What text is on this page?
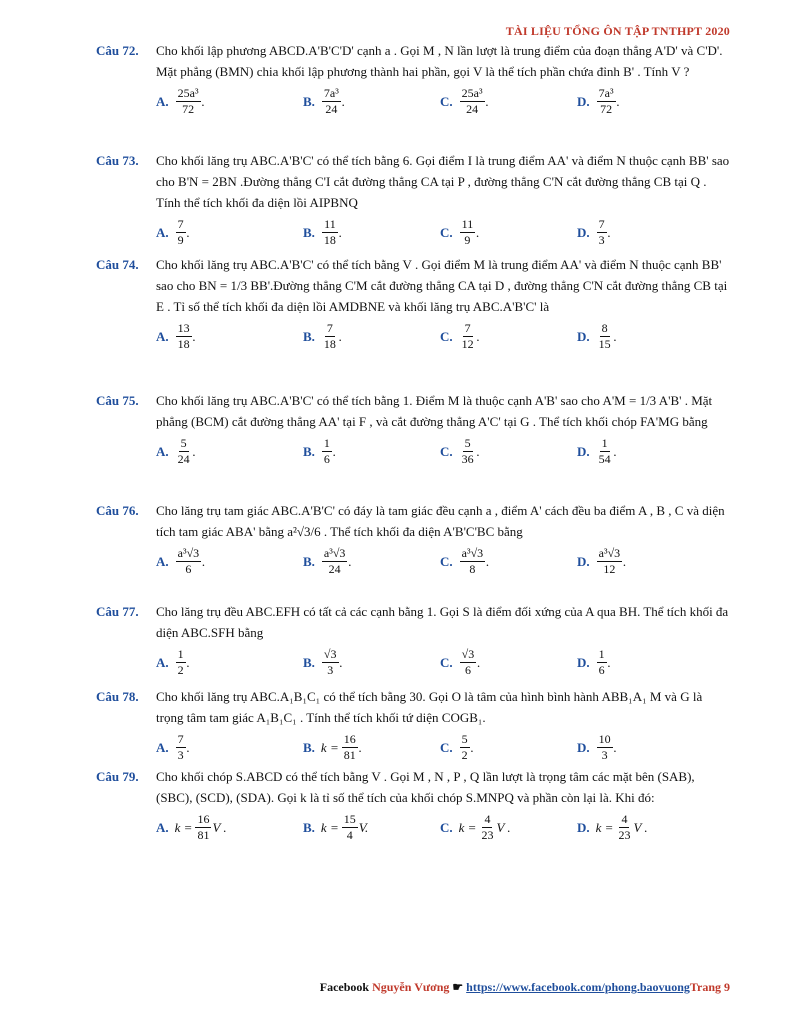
TÀI LIỆU TỔNG ÔN TẬP TNTHPT 2020
Câu 72. Cho khối lập phương ABCD.A'B'C'D' cạnh a . Gọi M , N lần lượt là trung điểm của đoạn thẳng A'D' và C'D'. Mặt phẳng (BMN) chia khối lập phương thành hai phần, gọi V là thể tích phần chứa đỉnh B' . Tính V ?
A. $\frac{\text{25a³}}{72}$ .	B. $\frac{\text{7a³}}{24}$ .	C. $\frac{\text{25a³}}{24}$ .	D. $\frac{\text{7a³}}{72}$ .
Câu 73. Cho khối lăng trụ ABC.A'B'C' có thể tích bằng 6. Gọi điểm I là trung điểm AA' và điểm N thuộc cạnh BB' sao cho B'N = 2BN .Đường thẳng C'I cắt đường thẳng CA tại P , đường thẳng C'N cắt đường thẳng CB tại Q . Tính thể tích khối đa diện lồi AIPBNQ
A. $\frac{7}{9}$ .	B. $\frac{11}{18}$ .	C. $\frac{11}{9}$ .	D. $\frac{7}{3}$ .
Câu 74. Cho khối lăng trụ ABC.A'B'C' có thể tích bằng V . Gọi điểm M là trung điểm AA' và điểm N thuộc cạnh BB' sao cho BN = 1/3 BB'.Đường thẳng C'M cắt đường thẳng CA tại D , đường thẳng C'N cắt đường thẳng CB tại E . Tỉ số thể tích khối đa diện lồi AMDBNE và khối lăng trụ ABC.A'B'C' là
A. $\frac{13}{18}$ .	B. $\frac{7}{18}$ .	C. $\frac{7}{12}$ .	D. $\frac{8}{15}$ .
Câu 75. Cho khối lăng trụ ABC.A'B'C' có thể tích bằng 1. Điểm M là thuộc cạnh A'B' sao cho A'M = 1/3 A'B' . Mặt phẳng (BCM) cắt đường thẳng AA' tại F , và cắt đường thẳng A'C' tại G . Thể tích khối chóp FA'MG bằng
A. $\frac{5}{24}$ .	B. $\frac{1}{6}$ .	C. $\frac{5}{36}$ .	D. $\frac{1}{54}$ .
Câu 76. Cho lăng trụ tam giác ABC.A'B'C' có đáy là tam giác đều cạnh a , điểm A' cách đều ba điểm A , B , C và diện tích tam giác ABA' bằng a²√3/6 . Thể tích khối đa diện A'B'C'BC bằng
A. $\frac{\text{a³√3}}{6}$ .	B. $\frac{\text{a³√3}}{24}$ .	C. $\frac{\text{a³√3}}{8}$ .	D. $\frac{\text{a³√3}}{12}$ .
Câu 77. Cho lăng trụ đều ABC.EFH có tất cả các cạnh bằng 1. Gọi S là điểm đối xứng của A qua BH. Thể tích khối đa diện ABC.SFH bằng
A. $\frac{1}{2}$ .	B. $\frac{√3}{3}$ .	C. $\frac{√3}{6}$ .	D. $\frac{1}{6}$ .
Câu 78. Cho khối lăng trụ ABC.A₁B₁C₁ có thể tích bằng 30. Gọi O là tâm của hình bình hành ABB₁A₁ M và G là trọng tâm tam giác A₁B₁C₁ . Tính thể tích khối tứ diện COGB₁.
A. $\frac{7}{3}$ .	B. $k = \frac{16}{81}$ .	C. $\frac{5}{2}$ .	D. $\frac{10}{3}$ .
Câu 79. Cho khối chóp S.ABCD có thể tích bằng V . Gọi M , N , P , Q lần lượt là trọng tâm các mặt bên (SAB), (SBC), (SCD), (SDA). Gọi k là tỉ số thể tích của khối chóp S.MNPQ và phần còn lại là. Khi đó:
A. $k = \frac{16}{81}$ V .	B. $k = \frac{15}{4} V$.	C. $k = \frac{4}{23}$ V .	D. $k = \frac{4}{23}$ V .
Facebook Nguyễn Vương ☛ https://www.facebook.com/phong.baovuongTrang 9
